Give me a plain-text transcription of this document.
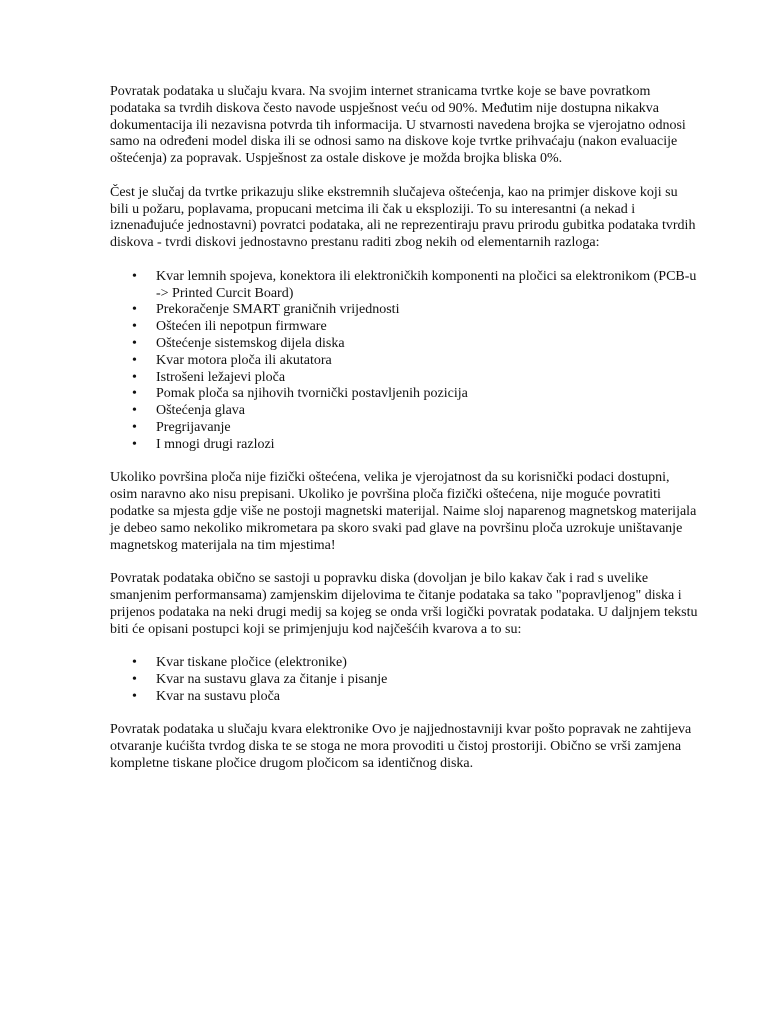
Povratak podataka u slučaju kvara. Na svojim internet stranicama tvrtke koje se bave povratkom podataka sa tvrdih diskova često navode uspješnost veću od 90%. Međutim nije dostupna nikakva dokumentacija ili nezavisna potvrda tih informacija. U stvarnosti navedena brojka se vjerojatno odnosi samo na određeni model diska ili se odnosi samo na diskove koje tvrtke prihvaćaju (nakon evaluacije oštećenja) za popravak. Uspješnost za ostale diskove je možda brojka bliska 0%.

Čest je slučaj da tvrtke prikazuju slike ekstremnih slučajeva oštećenja, kao na primjer diskove koji su bili u požaru, poplavama, propucani metcima ili čak u eksploziji. To su interesantni (a nekad i iznenađujuće jednostavni) povratci podataka, ali ne reprezentiraju pravu prirodu gubitka podataka tvrdih diskova - tvrdi diskovi jednostavno prestanu raditi zbog nekih od elementarnih razloga:

• Kvar lemnih spojeva, konektora ili elektroničkih komponenti na pločici sa elektronikom (PCB-u -> Printed Curcit Board)
• Prekoračenje SMART graničnih vrijednosti
• Oštećen ili nepotpun firmware
• Oštećenje sistemskog dijela diska
• Kvar motora ploča ili akutatora
• Istrošeni ležajevi ploča
• Pomak ploča sa njihovih tvornički postavljenih pozicija
• Oštećenja glava
• Pregrijavanje
• I mnogi drugi razlozi

Ukoliko površina ploča nije fizički oštećena, velika je vjerojatnost da su korisnički podaci dostupni, osim naravno ako nisu prepisani. Ukoliko je površina ploča fizički oštećena, nije moguće povratiti podatke sa mjesta gdje više ne postoji magnetski materijal. Naime sloj naparenog magnetskog materijala je debeo samo nekoliko mikrometara pa skoro svaki pad glave na površinu ploča uzrokuje uništavanje magnetskog materijala na tim mjestima!

Povratak podataka obično se sastoji u popravku diska (dovoljan je bilo kakav čak i rad s uvelike smanjenim performansama) zamjenskim dijelovima te čitanje podataka sa tako "popravljenog" diska i prijenos podataka na neki drugi medij sa kojeg se onda vrši logički povratak podataka. U daljnjem tekstu biti će opisani postupci koji se primjenjuju kod najčešćih kvarova a to su:

• Kvar tiskane pločice (elektronike)
• Kvar na sustavu glava za čitanje i pisanje
• Kvar na sustavu ploča

Povratak podataka u slučaju kvara elektronike Ovo je najjednostavniji kvar pošto popravak ne zahtijeva otvaranje kućišta tvrdog diska te se stoga ne mora provoditi u čistoj prostoriji. Obično se vrši zamjena kompletne tiskane pločice drugom pločicom sa identičnog diska.
